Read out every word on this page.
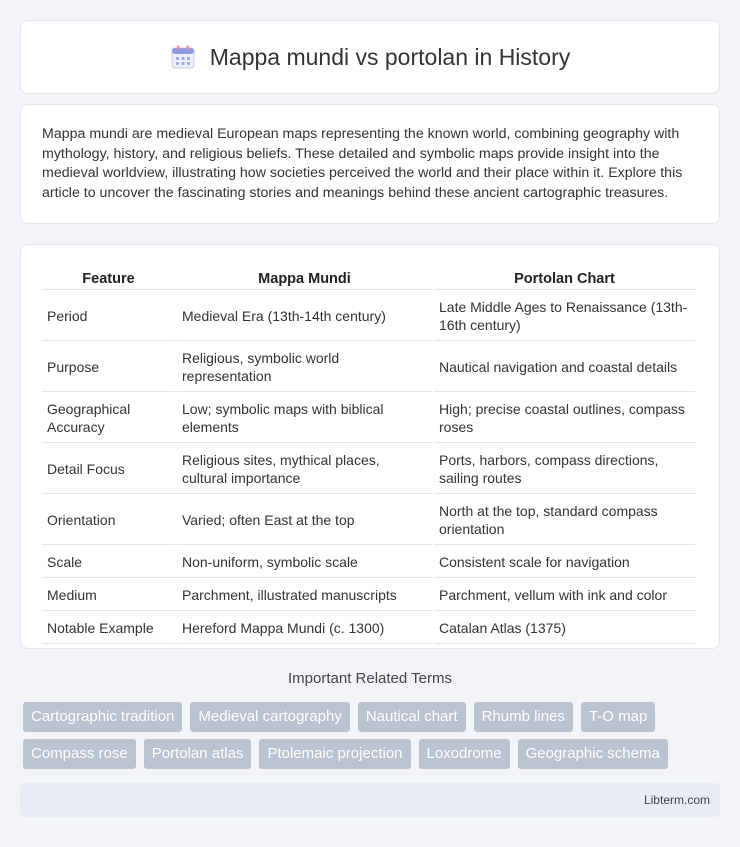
Mappa mundi vs portolan in History

Mappa mundi are medieval European maps representing the known world, combining geography with mythology, history, and religious beliefs. These detailed and symbolic maps provide insight into the medieval worldview, illustrating how societies perceived the world and their place within it. Explore this article to uncover the fascinating stories and meanings behind these ancient cartographic treasures.

Feature	Mappa Mundi	Portolan Chart
Period	Medieval Era (13th-14th century)	Late Middle Ages to Renaissance (13th-16th century)
Purpose	Religious, symbolic world representation	Nautical navigation and coastal details
Geographical Accuracy	Low; symbolic maps with biblical elements	High; precise coastal outlines, compass roses
Detail Focus	Religious sites, mythical places, cultural importance	Ports, harbors, compass directions, sailing routes
Orientation	Varied; often East at the top	North at the top, standard compass orientation
Scale	Non-uniform, symbolic scale	Consistent scale for navigation
Medium	Parchment, illustrated manuscripts	Parchment, vellum with ink and color
Notable Example	Hereford Mappa Mundi (c. 1300)	Catalan Atlas (1375)
Important Related Terms
Cartographic tradition	Medieval cartography	Nautical chart	Rhumb lines	T-O map
Compass rose	Portolan atlas	Ptolemaic projection	Loxodrome	Geographic schema
Libterm.com
